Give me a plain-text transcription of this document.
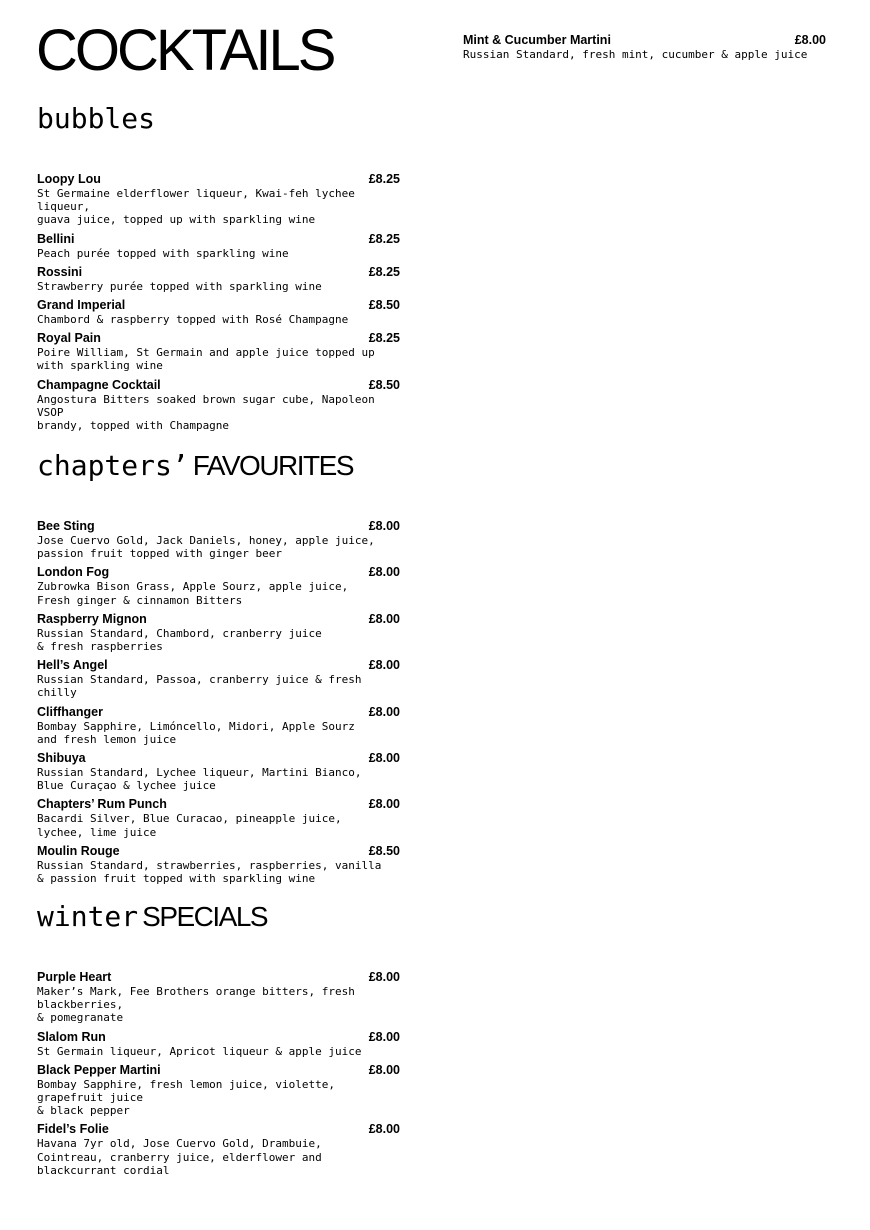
COCKTAILS	Mint & Cucumber Martini	£8.00
Russian Standard, fresh mint, cucumber & apple juice
bubbles
Loopy Lou	£8.25
St Germaine elderflower liqueur, Kwai-feh lychee
liqueur,
guava juice, topped up with sparkling wine
Bellini	£8.25
Peach purée topped with sparkling wine
Rossini	£8.25
Strawberry purée topped with sparkling wine
Grand Imperial	£8.50
Chambord & raspberry topped with Rosé Champagne
Royal Pain	£8.25
Poire William, St Germain and apple juice topped up
with sparkling wine
Champagne Cocktail	£8.50
Angostura Bitters soaked brown sugar cube, Napoleon
VSOP
brandy, topped with Champagne
chapters’ FAVOURITES
Bee Sting	£8.00
Jose Cuervo Gold, Jack Daniels, honey, apple juice,
passion fruit topped with ginger beer
London Fog	£8.00
Zubrowka Bison Grass, Apple Sourz, apple juice,
Fresh ginger & cinnamon Bitters
Raspberry Mignon	£8.00
Russian Standard, Chambord, cranberry juice
& fresh raspberries
Hell’s Angel	£8.00
Russian Standard, Passoa, cranberry juice & fresh
chilly
Cliffhanger	£8.00
Bombay Sapphire, Limóncello, Midori, Apple Sourz
and fresh lemon juice
Shibuya	£8.00
Russian Standard, Lychee liqueur, Martini Bianco,
Blue Curaçao & lychee juice
Chapters’ Rum Punch	£8.00
Bacardi Silver, Blue Curacao, pineapple juice,
lychee, lime juice
Moulin Rouge	£8.50
Russian Standard, strawberries, raspberries, vanilla
& passion fruit topped with sparkling wine
winter SPECIALS
Purple Heart	£8.00
Maker’s Mark, Fee Brothers orange bitters, fresh
blackberries,
& pomegranate
Slalom Run	£8.00
St Germain liqueur, Apricot liqueur & apple juice
Black Pepper Martini	£8.00
Bombay Sapphire, fresh lemon juice, violette,
grapefruit juice
& black pepper
Fidel’s Folie	£8.00
Havana 7yr old, Jose Cuervo Gold, Drambuie,
Cointreau, cranberry juice, elderflower and
blackcurrant cordial
